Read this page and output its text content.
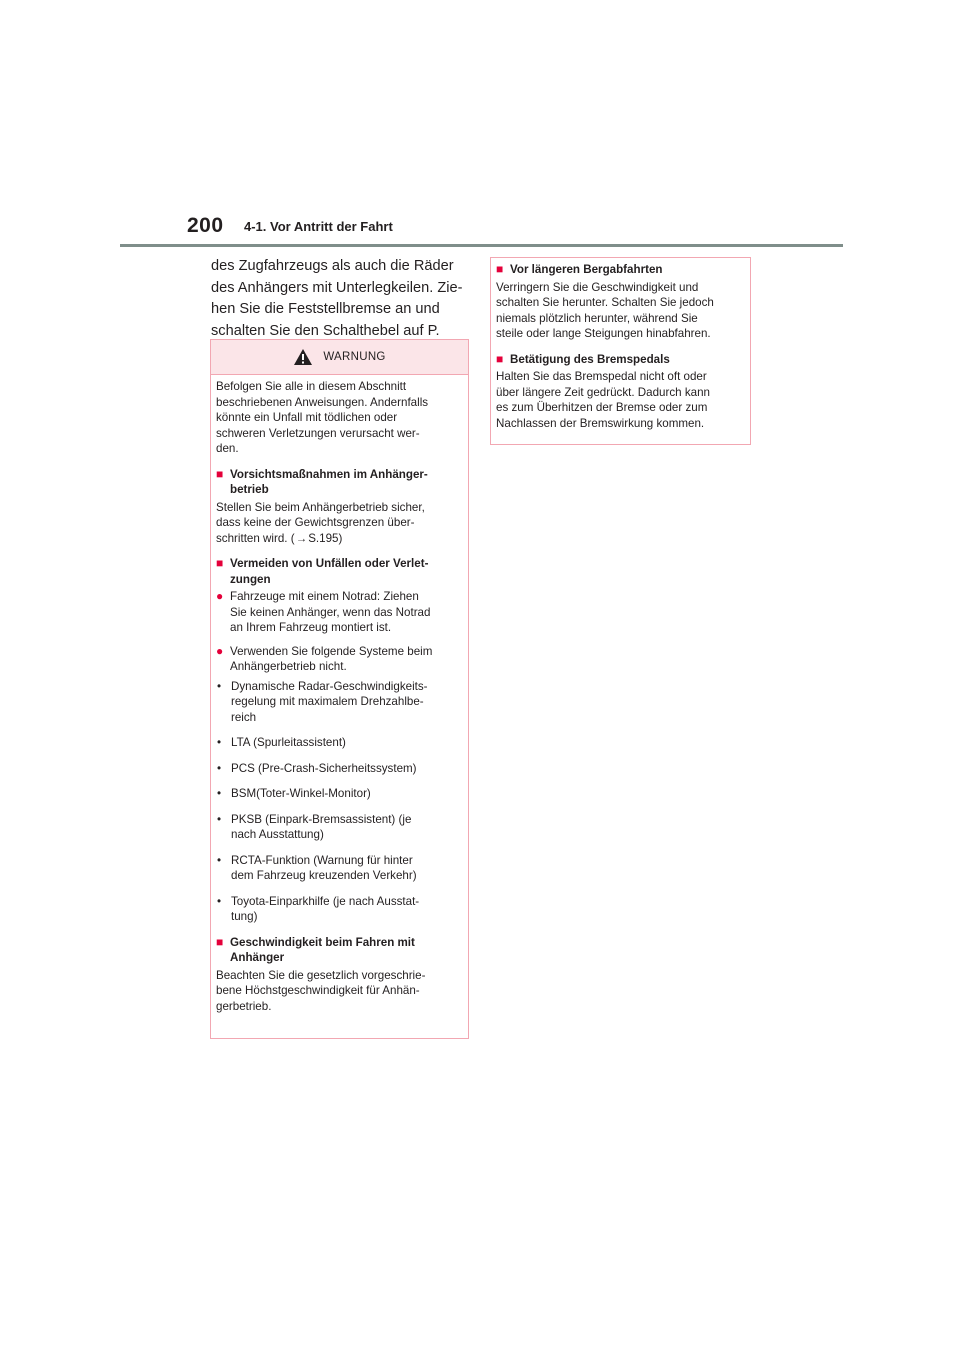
200 4-1. Vor Antritt der Fahrt

des Zugfahrzeugs als auch die Räder

des Anhängers mit Unterlegkeilen. Zie-

hen Sie die Feststellbremse an und

schalten Sie den Schalthebel auf P.

WARNUNG

Befolgen Sie alle in diesem Abschnitt

beschriebenen Anweisungen. Andernfalls

könnte ein Unfall mit tödlichen oder

schweren Verletzungen verursacht wer-

den.

■ Vorsichtsmaßnahmen im Anhänger-

betrieb

Stellen Sie beim Anhängerbetrieb sicher,

dass keine der Gewichtsgrenzen über-

schritten wird. (→S.195)

■ Vermeiden von Unfällen oder Verlet-

zungen

● Fahrzeuge mit einem Notrad: Ziehen

Sie keinen Anhänger, wenn das Notrad

an Ihrem Fahrzeug montiert ist.

● Verwenden Sie folgende Systeme beim

Anhängerbetrieb nicht.

• Dynamische Radar-Geschwindigkeits-

regelung mit maximalem Drehzahlbe-

reich

• LTA (Spurleitassistent)

• PCS (Pre-Crash-Sicherheitssystem)

• BSM(Toter-Winkel-Monitor)

• PKSB (Einpark-Bremsassistent) (je

nach Ausstattung)

• RCTA-Funktion (Warnung für hinter

dem Fahrzeug kreuzenden Verkehr)

• Toyota-Einparkhilfe (je nach Ausstat-

tung)

■ Geschwindigkeit beim Fahren mit

Anhänger

Beachten Sie die gesetzlich vorgeschrie-

bene Höchstgeschwindigkeit für Anhän-

gerbetrieb.

■ Vor längeren Bergabfahrten

Verringern Sie die Geschwindigkeit und

schalten Sie herunter. Schalten Sie jedoch

niemals plötzlich herunter, während Sie

steile oder lange Steigungen hinabfahren.

■ Betätigung des Bremspedals

Halten Sie das Bremspedal nicht oft oder

über längere Zeit gedrückt. Dadurch kann

es zum Überhitzen der Bremse oder zum

Nachlassen der Bremswirkung kommen.
